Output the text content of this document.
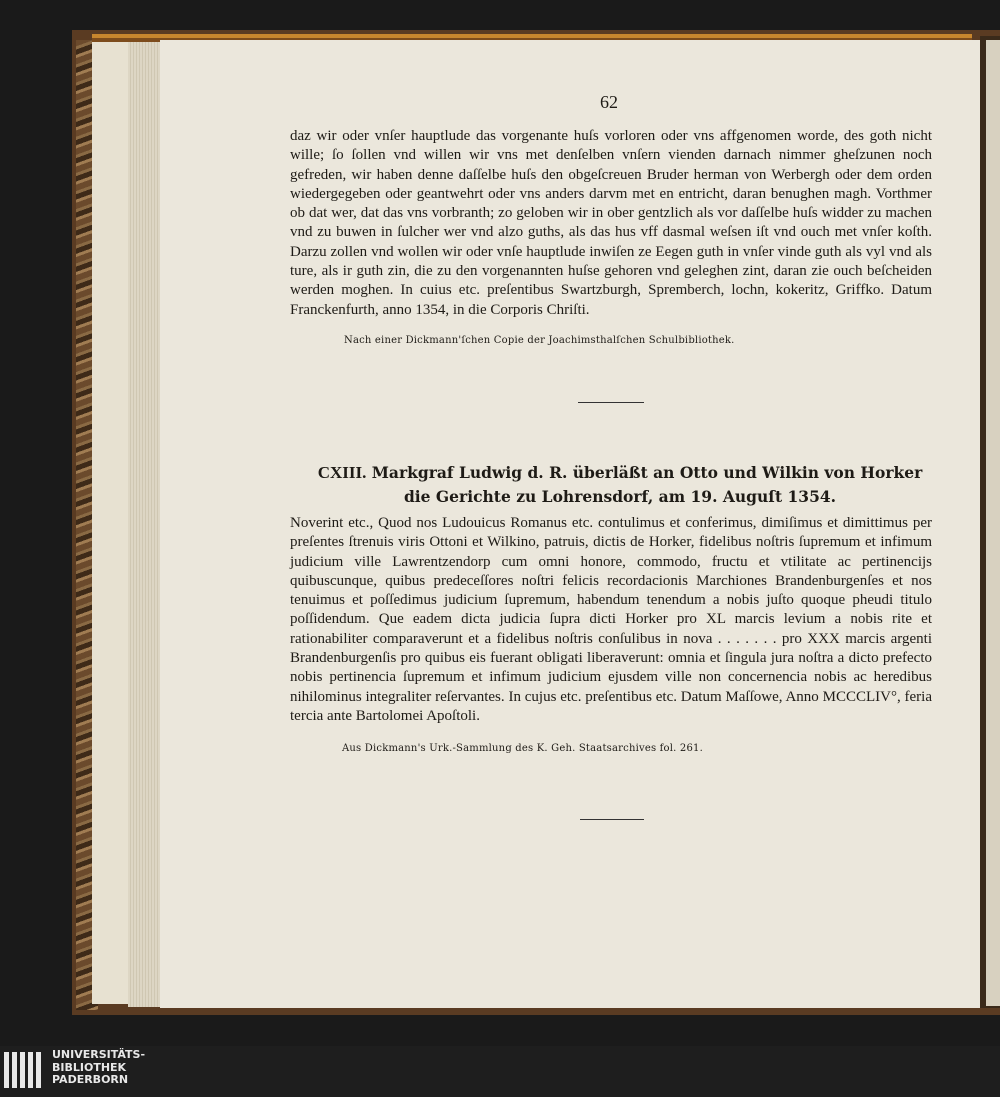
62
daz wir oder vnſer hauptlude das vorgenante huſs vorloren oder vns affgenomen worde, des goth nicht wille; ſo ſollen vnd willen wir vns met denſelben vnſern vienden darnach nimmer gheſzunen noch gefreden, wir haben denne daſſelbe huſs den obgeſcreuen Bruder herman von Werbergh oder dem orden wiedergegeben oder geantwehrt oder vns anders darvm met en entricht, daran benughen magh. Vorthmer ob dat wer, dat das vns vorbranth; zo geloben wir in ober gentzlich als vor daſſelbe huſs widder zu machen vnd zu buwen in ſulcher wer vnd alzo guths, als das hus vff dasmal weſsen iſt vnd ouch met vnſer koſth. Darzu zollen vnd wollen wir oder vnſe hauptlude inwiſen ze Eegen guth in vnſer vinde guth als vyl vnd als ture, als ir guth zin, die zu den vorgenannten huſse gehoren vnd geleghen zint, daran zie ouch beſcheiden werden moghen. In cuius etc. preſentibus Swartzburgh, Spremberch, lochn, kokeritz, Griffko. Datum Franckenfurth, anno 1354, in die Corporis Chriſti.
Nach einer Dickmann'ſchen Copie der Joachimsthalſchen Schulbibliothek.
CXIII. Markgraf Ludwig d. R. überläßt an Otto und Wilkin von Horker die Gerichte zu Lohrensdorf, am 19. Auguſt 1354.
Noverint etc., Quod nos Ludouicus Romanus etc. contulimus et conferimus, dimiſimus et dimittimus per preſentes ſtrenuis viris Ottoni et Wilkino, patruis, dictis de Horker, fidelibus noſtris ſupremum et infimum judicium ville Lawrentzendorp cum omni honore, commodo, fructu et vtilitate ac pertinencijs quibuscunque, quibus predeceſſores noſtri felicis recordacionis Marchiones Brandenburgenſes et nos tenuimus et poſſedimus judicium ſupremum, habendum tenendum a nobis juſto quoque pheudi titulo poſſidendum. Que eadem dicta judicia ſupra dicti Horker pro XL marcis levium a nobis rite et rationabiliter comparaverunt et a fidelibus noſtris conſulibus in nova . . . . . . . pro XXX marcis argenti Brandenburgenſis pro quibus eis fuerant obligati liberaverunt: omnia et ſingula jura noſtra a dicto prefecto nobis pertinencia ſupremum et infimum judicium ejusdem ville non concernencia nobis ac heredibus nihilominus integraliter reſervantes. In cujus etc. preſentibus etc. Datum Maſſowe, Anno MCCCLIV°, feria tercia ante Bartolomei Apoſtoli.
Aus Dickmann's Urk.-Sammlung des K. Geh. Staatsarchives fol. 261.
UNIVERSITÄTS-
BIBLIOTHEK
PADERBORN
